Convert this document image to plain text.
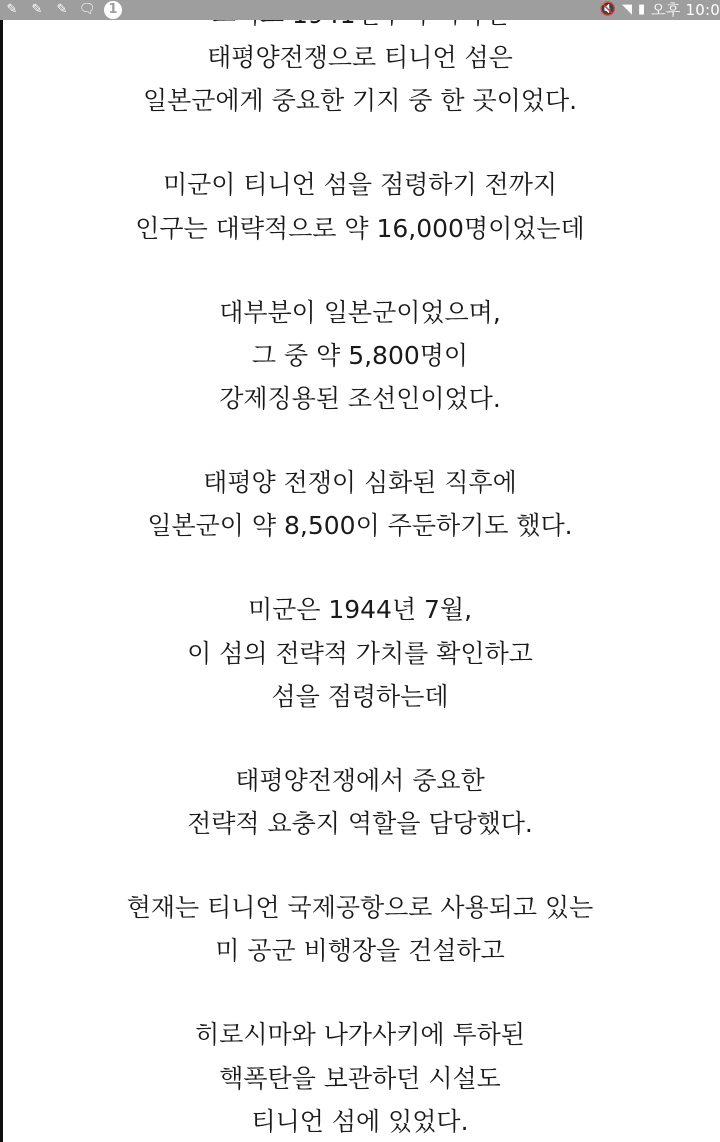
태평양전쟁으로 티니언 섬은
일본군에게 중요한 기지 중 한 곳이었다.
미군이 티니언 섬을 점령하기 전까지
인구는 대략적으로 약 16,000명이었는데
대부분이 일본군이었으며,
그 중 약 5,800명이
강제징용된 조선인이었다.
태평양 전쟁이 심화된 직후에
일본군이 약 8,500이 주둔하기도 했다.
미군은 1944년 7월,
이 섬의 전략적 가치를 확인하고
섬을 점령하는데
태평양전쟁에서 중요한
전략적 요충지 역할을 담당했다.
현재는 티니언 국제공항으로 사용되고 있는
미 공군 비행장을 건설하고
히로시마와 나가사키에 투하된
핵폭탄을 보관하던 시설도
티니언 섬에 있었다.
✎ ✎ ✎ 🗨 1	🔇 ◥ ▮ 오후 10:0
